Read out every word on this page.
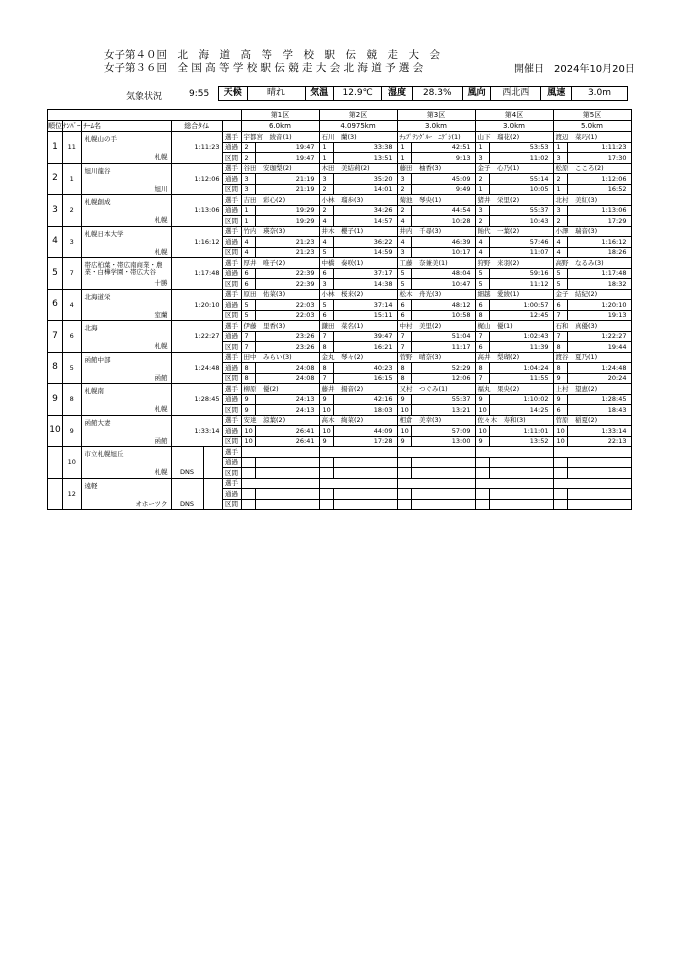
女子第４０回　北　海　道　高　等　学　校　駅　伝　競　走　大　会
女子第３６回　全 国 高 等 学 校 駅 伝 競 走 大 会 北 海 道 予 選 会	開催日　2024年10月20日
気象状況	9:55	天候	晴れ	気温	12.9℃	湿度	28.3%	風向	西北西	風速	3.0m
						第1区		第2区		第3区		第4区		第5区	
順位	ﾅﾝﾊﾞｰ	ﾁｰﾑ名	総合ﾀｲﾑ			6.0km		4.0975km		3.0km		3.0km		5.0km	
1	11	札幌山の手
札幌	1:11:23		選手	宇都宮　綾音(1)		石川　蘭(3)		ﾁｪﾌﾟﾃﾝｸﾞﾙｰ　ﾆｹﾞｼ(1)		山下　瑠花(2)		渡辺　菜巧(1)	
					通過	2	19:47	1	33:38	1	42:51	1	53:53	1	1:11:23
					区間	2	19:47	1	13:51	1	9:13	3	11:02	3	17:30
2	1	旭川龍谷
旭川	1:12:06		選手	谷田　安珈梨(2)		木田　美結莉(2)		藤田　柚香(3)		金子　心乃(1)		松原　こころ(2)	
					通過	3	21:19	3	35:20	3	45:09	2	55:14	2	1:12:06
					区間	3	21:19	2	14:01	2	9:49	1	10:05	1	16:52
3	2	札幌創成
札幌	1:13:06		選手	吉田　彩心(2)		小林　瑠歩(3)		菊池　琴央(1)		猪井　栄里(2)		北村　美紅(3)	
					通過	1	19:29	2	34:26	2	44:54	3	55:37	3	1:13:06
					区間	1	19:29	4	14:57	4	10:28	2	10:43	2	17:29
4	3	札幌日本大学
札幌	1:16:12		選手	竹内　瑛奈(3)		井木　櫻子(1)		井内　千尋(3)		飴代　一葉(2)		小澤　瑞音(3)	
					通過	4	21:23	4	36:22	4	46:39	4	57:46	4	1:16:12
					区間	4	21:23	5	14:59	3	10:17	4	11:07	4	18:26
5	7	帯広柏葉・帯広南商業・農業・白樺学園・帯広大谷
十勝	1:17:48		選手	厚井　唯子(2)		中橋　奏咲(1)		工藤　奈兼美(1)		狩野　来羽(2)		高野　なるみ(3)	
					通過	6	22:39	6	37:17	5	48:04	5	59:16	5	1:17:48
					区間	6	22:39	3	14:38	5	10:47	5	11:12	5	18:32
6	4	北海道栄
室蘭	1:20:10		選手	原田　佑菜(3)		小林　桜来(2)		松木　舟光(3)		細越　愛綾(1)		金子　結紀(2)	
					通過	5	22:03	5	37:14	6	48:12	6	1:00:57	6	1:20:10
					区間	5	22:03	6	15:11	6	10:58	8	12:45	7	19:13
7	6	北海
札幌	1:22:27		選手	伊藤　里香(3)		鎌田　菜名(1)		中村　美里(2)		梶山　優(1)		石和　真優(3)	
					通過	7	23:26	7	39:47	7	51:04	7	1:02:43	7	1:22:27
					区間	7	23:26	8	16:21	7	11:17	6	11:39	8	19:44
8	5	函館中部
函館	1:24:48		選手	田中　みらい(3)		金丸　琴々(2)		菅野　晴奈(3)		高井　梨瑚(2)		渡谷　夏乃(1)	
					通過	8	24:08	8	40:23	8	52:29	8	1:04:24	8	1:24:48
					区間	8	24:08	7	16:15	8	12:06	7	11:55	9	20:24
9	8	札幌南
札幌	1:28:45		選手	柳原　優(2)		藤井　揚音(2)		又村　つぐみ(1)		福丸　果央(2)		上村　望恵(2)	
					通過	9	24:13	9	42:16	9	55:37	9	1:10:02	9	1:28:45
					区間	9	24:13	10	18:03	10	13:21	10	14:25	6	18:43
10	9	函館大妻
函館	1:33:14		選手	安達　涼葉(2)		高木　絢菜(2)		相倉　美幸(3)		佐々木　寿和(3)		菅原　稲夏(2)	
					通過	10	26:41	10	44:09	10	57:09	10	1:11:01	10	1:33:14
					区間	10	26:41	9	17:28	9	13:00	9	13:52	10	22:13
	10	市立札幌旭丘
札幌	DNS		選手										
					通過										
					区間										
	12	遠軽
オホーツク	DNS		選手										
					通過										
					区間										
